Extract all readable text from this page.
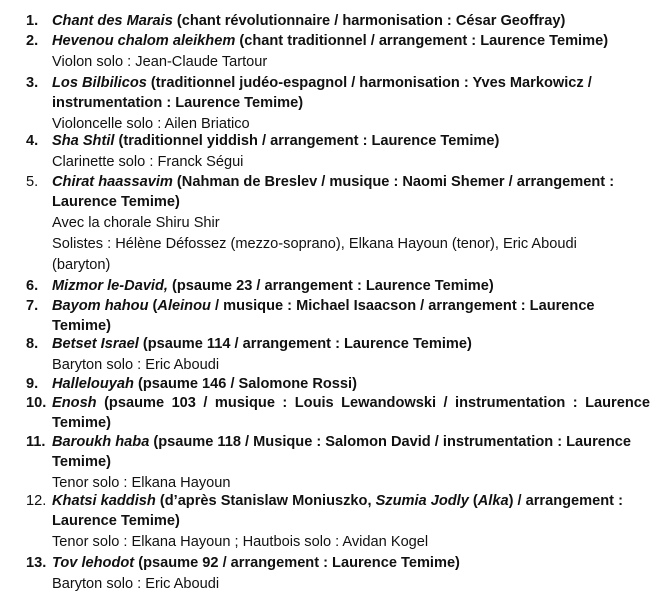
1. Chant des Marais (chant révolutionnaire / harmonisation : César Geoffray)
2. Hevenou chalom aleikhem (chant traditionnel / arrangement : Laurence Temime)
Violon solo : Jean-Claude Tartour
3. Los Bilbilicos (traditionnel judéo-espagnol / harmonisation : Yves Markowicz /
instrumentation : Laurence Temime)
Violoncelle solo : Ailen Briatico
4. Sha Shtil (traditionnel yiddish / arrangement : Laurence Temime)
Clarinette solo : Franck Ségui
5. Chirat haassavim (Nahman de Breslev / musique : Naomi Shemer / arrangement :
Laurence Temime)
Avec la chorale Shiru Shir
Solistes : Hélène Défossez (mezzo-soprano), Elkana Hayoun (tenor), Eric Aboudi
(baryton)
6. Mizmor le-David, (psaume 23 / arrangement : Laurence Temime)
7. Bayom hahou (Aleinou / musique : Michael Isaacson / arrangement : Laurence
Temime)
8. Betset Israel (psaume 114 / arrangement : Laurence Temime)
Baryton solo : Eric Aboudi
9. Hallelouyah (psaume 146 / Salomone Rossi)
10. Enosh (psaume 103 / musique : Louis Lewandowski / instrumentation : Laurence
Temime)
11. Baroukh haba (psaume 118 / Musique : Salomon David / instrumentation : Laurence
Temime)
Tenor solo : Elkana Hayoun
12. Khatsi kaddish (d’après Stanislaw Moniuszko, Szumia Jodly (Alka) / arrangement :
Laurence Temime)
Tenor solo : Elkana Hayoun ; Hautbois solo : Avidan Kogel
13. Tov lehodot (psaume 92 / arrangement : Laurence Temime)
Baryton solo : Eric Aboudi
